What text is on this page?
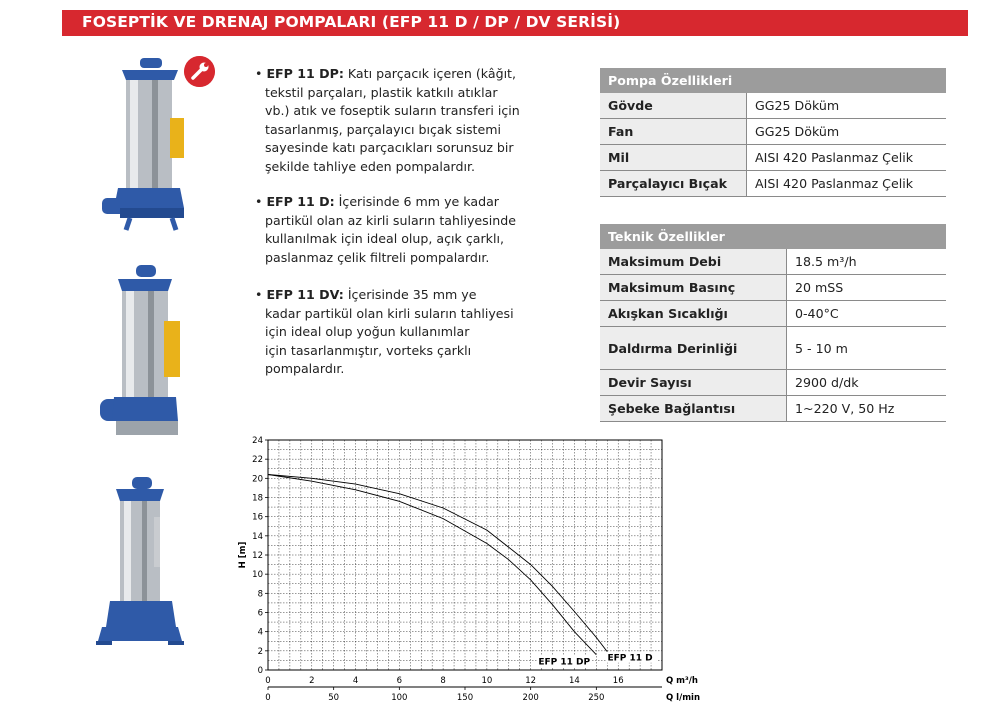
FOSEPTİK VE DRENAJ POMPALARI (EFP 11 D / DP / DV SERİSİ)

• EFP 11 DP: Katı parçacık içeren (kâğıt,

tekstil parçaları, plastik katkılı atıklar

vb.) atık ve foseptik suların transferi için

tasarlanmış, parçalayıcı bıçak sistemi

sayesinde katı parçacıkları sorunsuz bir

şekilde tahliye eden pompalardır.

• EFP 11 D: İçerisinde 6 mm ye kadar

partikül olan az kirli suların tahliyesinde

kullanılmak için ideal olup, açık çarklı,

paslanmaz çelik filtreli pompalardır.

• EFP 11 DV: İçerisinde 35 mm ye

kadar partikül olan kirli suların tahliyesi

için ideal olup yoğun kullanımlar

için tasarlanmıştır, vorteks çarklı

pompalardır.

Pompa Özellikleri	
Gövde	GG25 Döküm
Fan	GG25 Döküm
Mil	AISI 420 Paslanmaz Çelik
Parçalayıcı Bıçak	AISI 420 Paslanmaz Çelik
Teknik Özellikler	
Maksimum Debi	18.5 m³/h
Maksimum Basınç	20 mSS
Akışkan Sıcaklığı	0-40°C
Daldırma Derinliği	5 - 10 m
Devir Sayısı	2900 d/dk
Şebeke Bağlantısı	1~220 V, 50 Hz
0
2
4
6
8
10
12
14
16
18
20
22
24
0	2	4	6	8	10	12	14	16
0	50	100	150	200	250
H [m]
Q m³/h
Q l/min
EFP 11 DP EFP 11 D
